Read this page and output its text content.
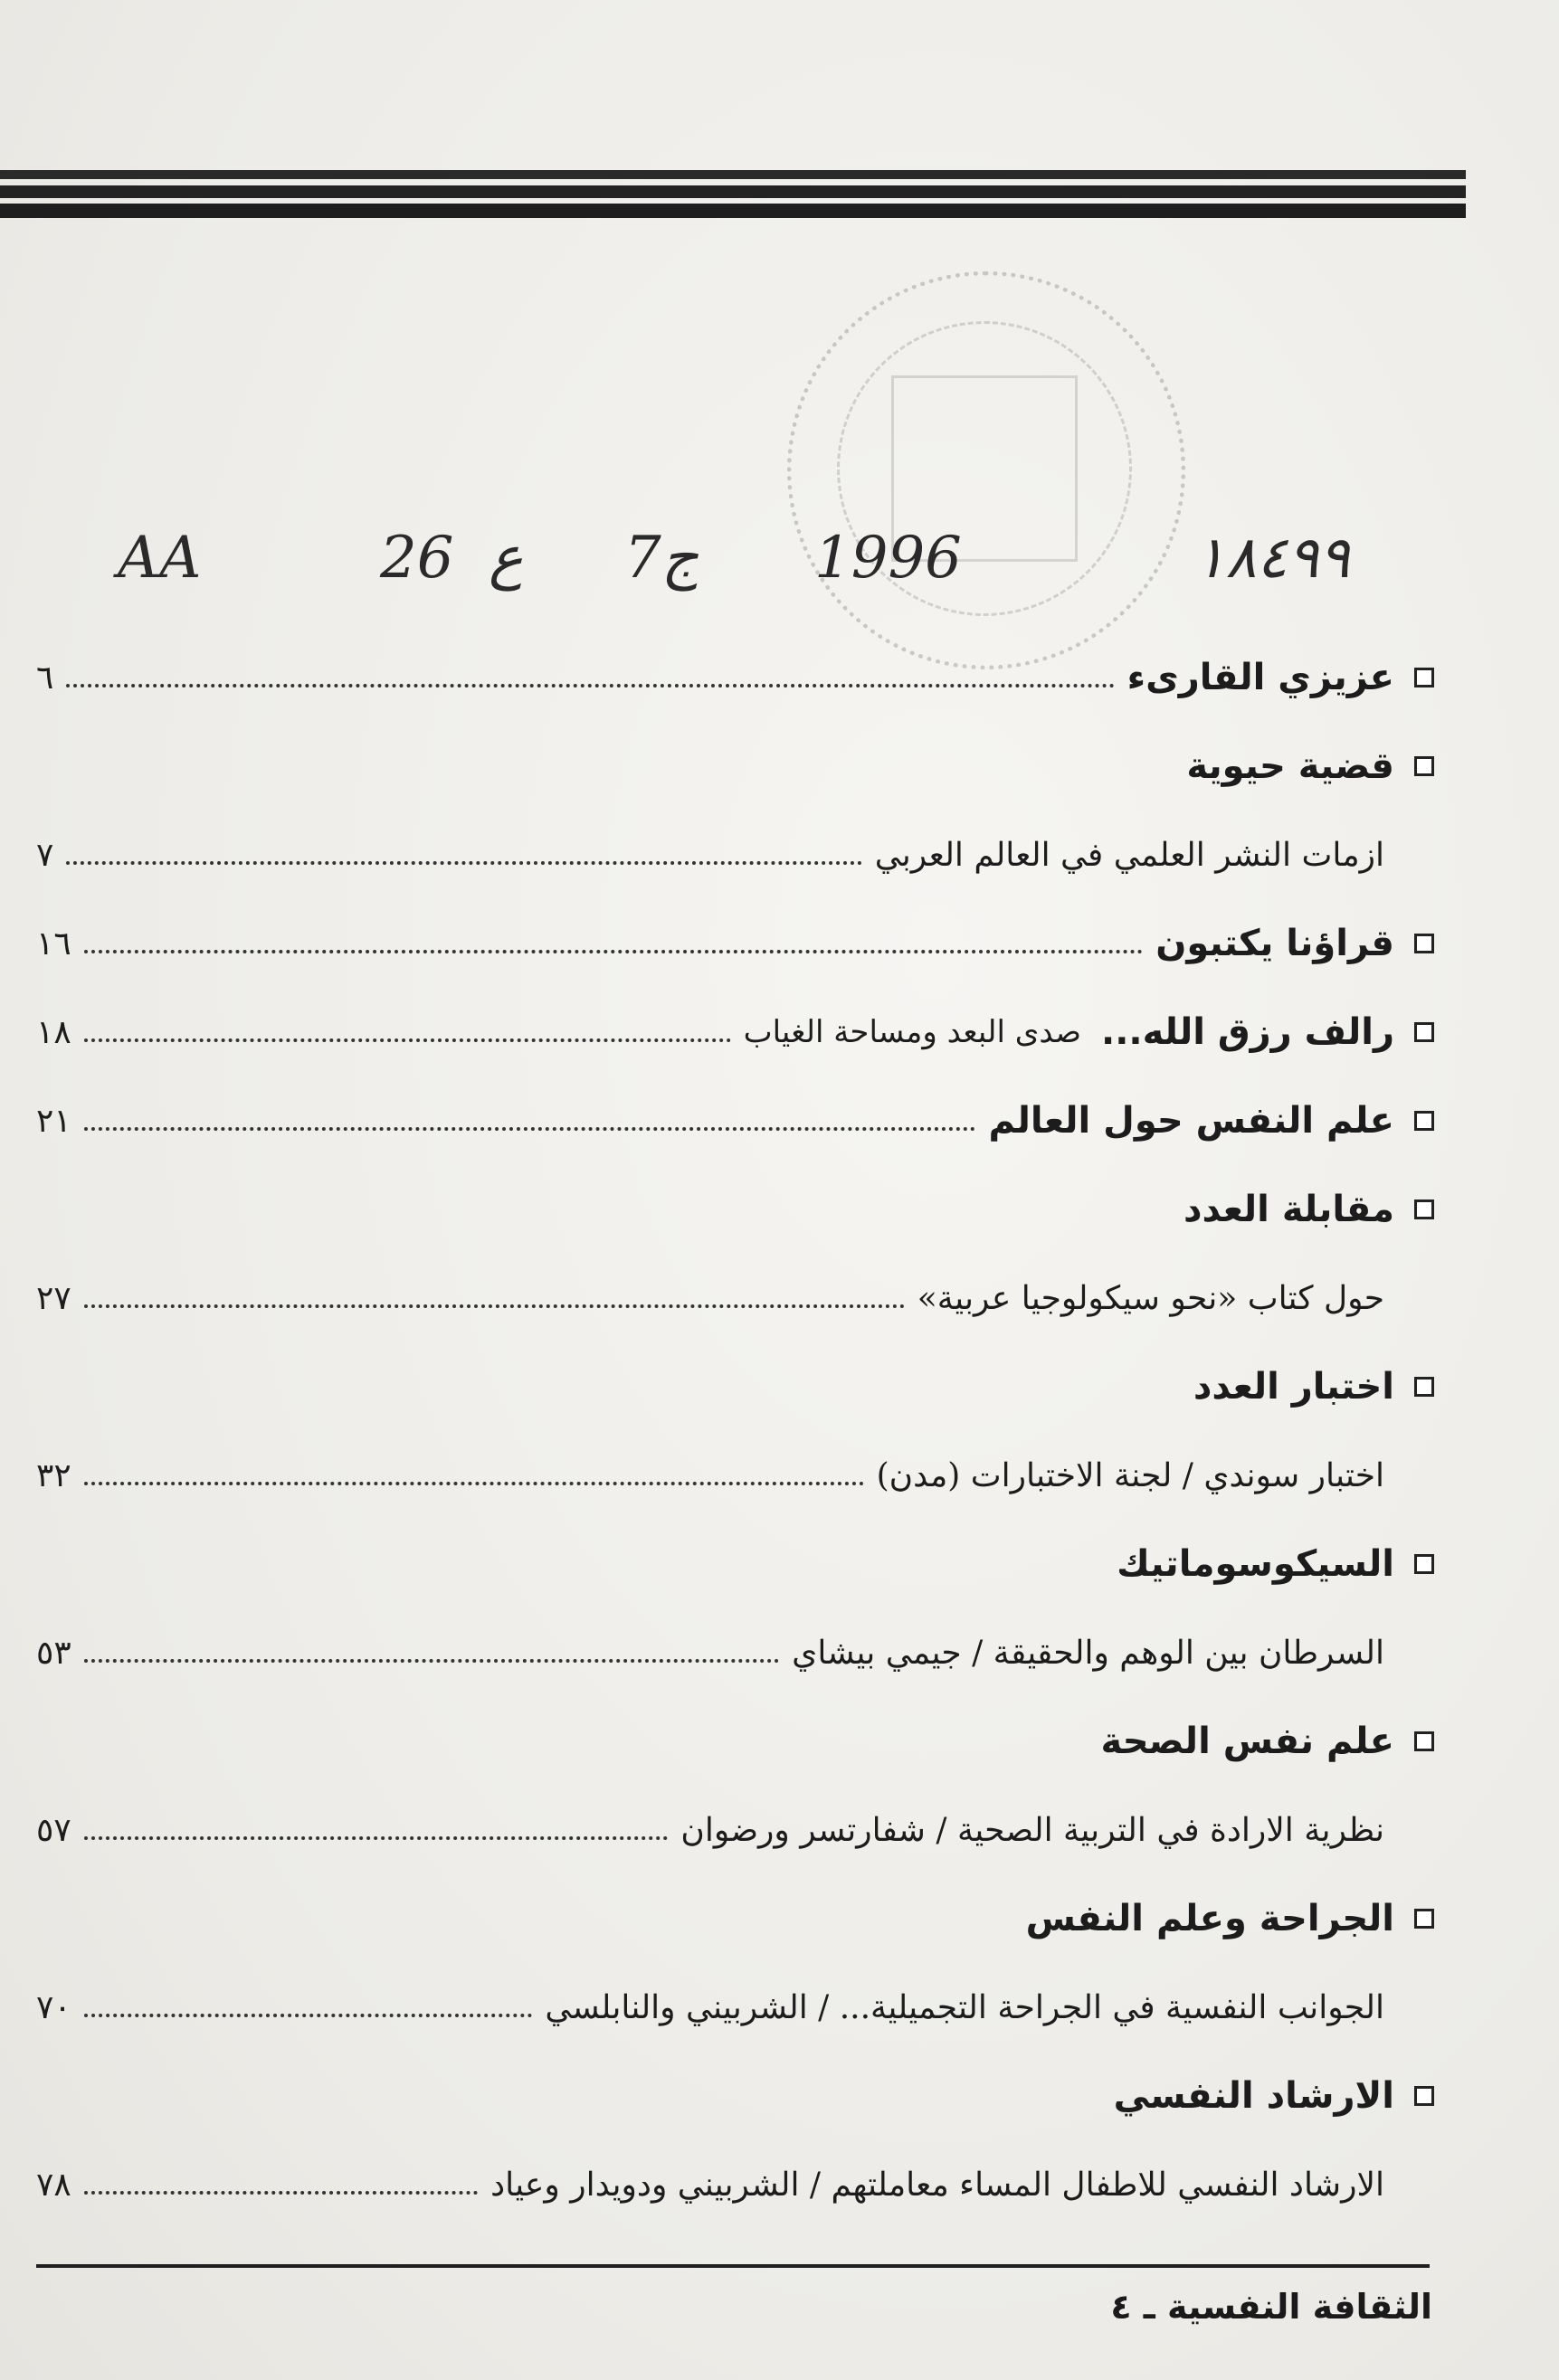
AA	26 ع 7ج 1996	١٨٤٩٩
عزيزي القارىء
٦
قضية حيوية
ازمات النشر العلمي في العالم العربي
٧
قراؤنا يكتبون
١٦
رالف رزق الله...
صدى البعد ومساحة الغياب
١٨
علم النفس حول العالم
٢١
مقابلة العدد
حول كتاب «نحو سيكولوجيا عربية»
٢٧
اختبار العدد
اختبار سوندي / لجنة الاختبارات (مدن)
٣٢
السيكوسوماتيك
السرطان بين الوهم والحقيقة / جيمي بيشاي
٥٣
علم نفس الصحة
نظرية الارادة في التربية الصحية / شفارتسر ورضوان
٥٧
الجراحة وعلم النفس
الجوانب النفسية في الجراحة التجميلية... / الشربيني والنابلسي
٧٠
الارشاد النفسي
الارشاد النفسي للاطفال المساء معاملتهم / الشربيني ودويدار وعياد
٧٨
الثقافة النفسية ـ ٤
